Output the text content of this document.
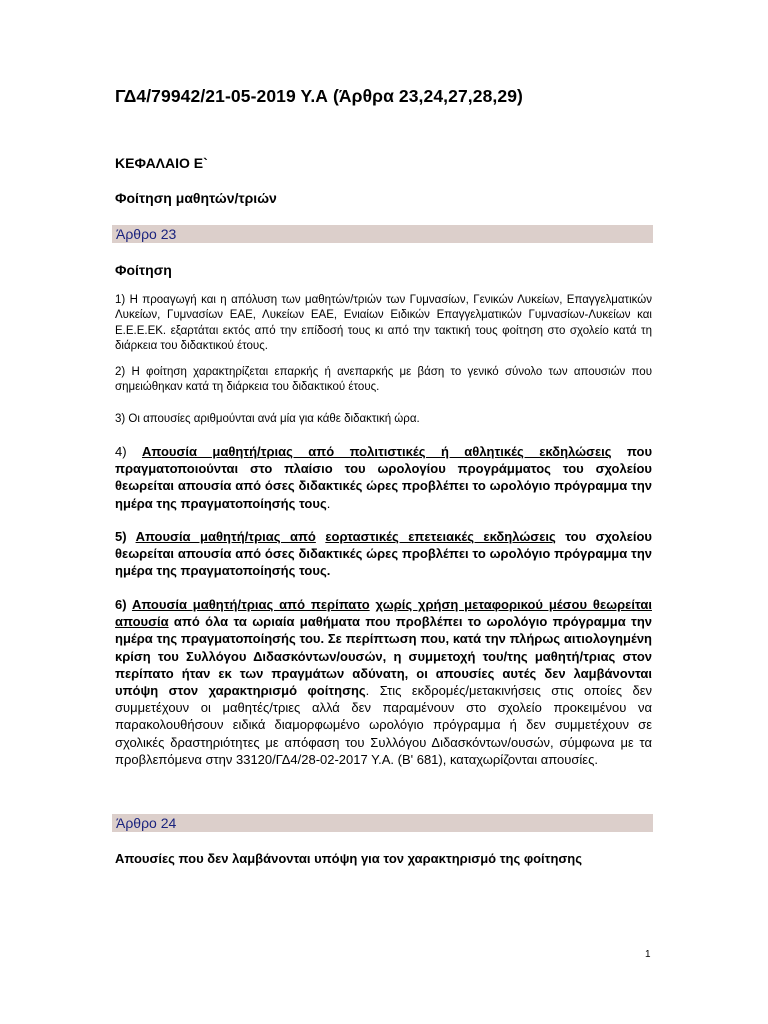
ΓΔ4/79942/21-05-2019 Υ.Α (Άρθρα 23,24,27,28,29)

ΚΕΦΑΛΑΙΟ Ε`

Φοίτηση μαθητών/τριών

Άρθρο 23

Φοίτηση

1) Η προαγωγή και η απόλυση των μαθητών/τριών των Γυμνασίων, Γενικών Λυκείων, Επαγγελματικών Λυκείων, Γυμνασίων ΕΑΕ, Λυκείων ΕΑΕ, Ενιαίων Ειδικών Επαγγελματικών Γυμνασίων-Λυκείων και Ε.Ε.Ε.ΕΚ. εξαρτάται εκτός από την επίδοσή τους κι από την τακτική τους φοίτηση στο σχολείο κατά τη διάρκεια του διδακτικού έτους.

2) Η φοίτηση χαρακτηρίζεται επαρκής ή ανεπαρκής με βάση το γενικό σύνολο των απουσιών που σημειώθηκαν κατά τη διάρκεια του διδακτικού έτους.

3) Οι απουσίες αριθμούνται ανά μία για κάθε διδακτική ώρα.

4) Απουσία μαθητή/τριας από πολιτιστικές ή αθλητικές εκδηλώσεις που πραγματοποιούνται στο πλαίσιο του ωρολογίου προγράμματος του σχολείου θεωρείται απουσία από όσες διδακτικές ώρες προβλέπει το ωρολόγιο πρόγραμμα την ημέρα της πραγματοποίησής τους.

5) Απουσία μαθητή/τριας από εορταστικές επετειακές εκδηλώσεις του σχολείου θεωρείται απουσία από όσες διδακτικές ώρες προβλέπει το ωρολόγιο πρόγραμμα την ημέρα της πραγματοποίησής τους.

6) Απουσία μαθητή/τριας από περίπατο χωρίς χρήση μεταφορικού μέσου θεωρείται απουσία από όλα τα ωριαία μαθήματα που προβλέπει το ωρολόγιο πρόγραμμα την ημέρα της πραγματοποίησής του. Σε περίπτωση που, κατά την πλήρως αιτιολογημένη κρίση του Συλλόγου Διδασκόντων/ουσών, η συμμετοχή του/της μαθητή/τριας στον περίπατο ήταν εκ των πραγμάτων αδύνατη, οι απουσίες αυτές δεν λαμβάνονται υπόψη στον χαρακτηρισμό φοίτησης. Στις εκδρομές/μετακινήσεις στις οποίες δεν συμμετέχουν οι μαθητές/τριες αλλά δεν παραμένουν στο σχολείο προκειμένου να παρακολουθήσουν ειδικά διαμορφωμένο ωρολόγιο πρόγραμμα ή δεν συμμετέχουν σε σχολικές δραστηριότητες με απόφαση του Συλλόγου Διδασκόντων/ουσών, σύμφωνα με τα προβλεπόμενα στην 33120/ΓΔ4/28-02-2017 Υ.Α. (Β' 681), καταχωρίζονται απουσίες.

Άρθρο 24

Απουσίες που δεν λαμβάνονται υπόψη για τον χαρακτηρισμό της φοίτησης

1
